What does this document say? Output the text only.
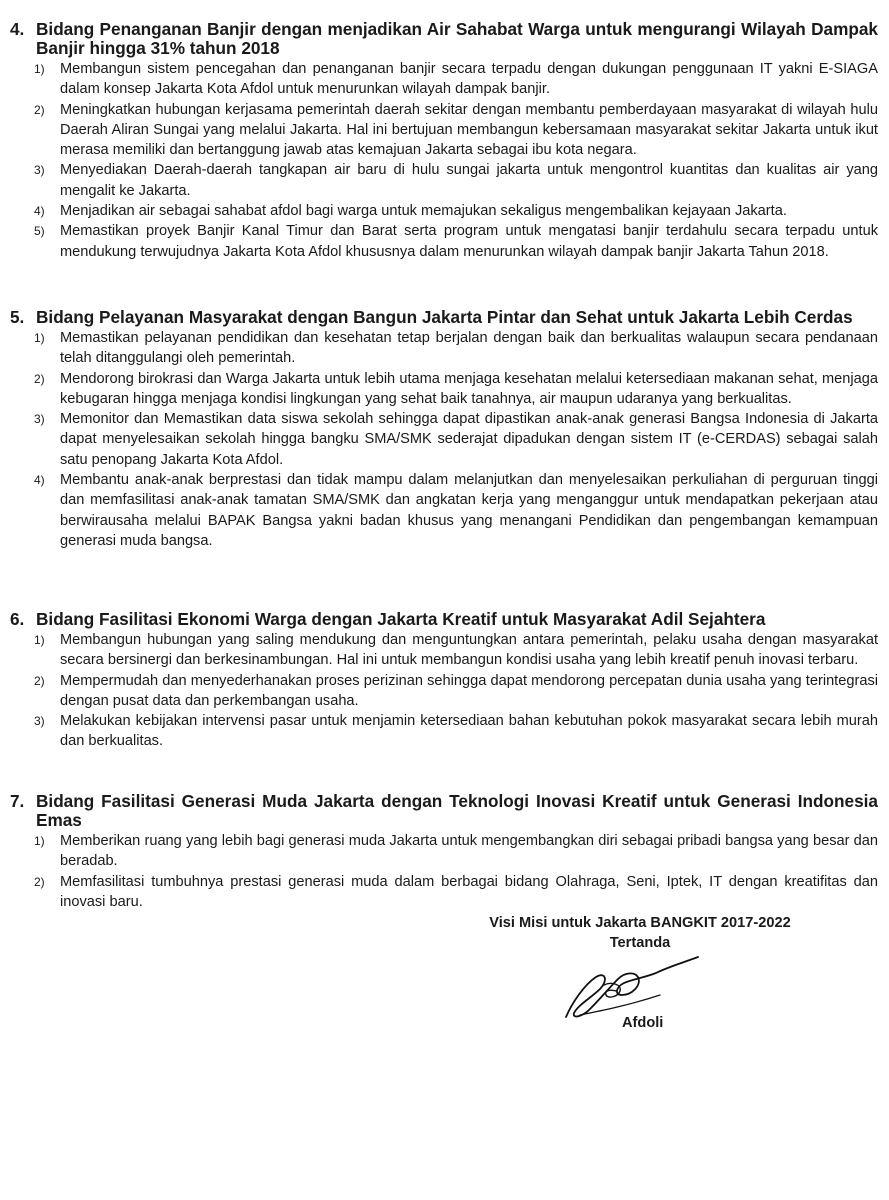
4. Bidang Penanganan Banjir dengan menjadikan Air Sahabat Warga untuk mengurangi Wilayah Dampak Banjir hingga 31% tahun 2018
1)	Membangun sistem pencegahan dan penanganan banjir secara terpadu dengan dukungan penggunaan IT yakni E-SIAGA dalam konsep Jakarta Kota Afdol untuk menurunkan wilayah dampak banjir.
2)	Meningkatkan hubungan kerjasama pemerintah daerah sekitar dengan membantu pemberdayaan masyarakat di wilayah hulu Daerah Aliran Sungai yang melalui Jakarta. Hal ini bertujuan membangun kebersamaan masyarakat sekitar Jakarta untuk ikut merasa memiliki dan bertanggung jawab atas kemajuan Jakarta sebagai ibu kota negara.
3)	Menyediakan Daerah-daerah tangkapan air baru di hulu sungai jakarta untuk mengontrol kuantitas dan kualitas air yang mengalit ke Jakarta.
4)	Menjadikan air sebagai sahabat afdol bagi warga untuk memajukan sekaligus mengembalikan kejayaan Jakarta.
5)	Memastikan proyek Banjir Kanal Timur dan Barat serta program untuk mengatasi banjir terdahulu secara terpadu untuk mendukung terwujudnya Jakarta Kota Afdol khususnya dalam menurunkan wilayah dampak banjir Jakarta Tahun 2018.
5. Bidang Pelayanan Masyarakat dengan Bangun Jakarta Pintar dan Sehat untuk Jakarta Lebih Cerdas
1)	Memastikan pelayanan pendidikan dan kesehatan tetap berjalan dengan baik dan berkualitas walaupun secara pendanaan telah ditanggulangi oleh pemerintah.
2)	Mendorong birokrasi dan Warga Jakarta untuk lebih utama menjaga kesehatan melalui ketersediaan makanan sehat, menjaga kebugaran hingga menjaga kondisi lingkungan yang sehat baik tanahnya, air maupun udaranya yang berkualitas.
3)	Memonitor dan Memastikan data siswa sekolah sehingga dapat dipastikan anak-anak generasi Bangsa Indonesia di Jakarta dapat menyelesaikan sekolah hingga bangku SMA/SMK sederajat dipadukan dengan sistem IT (e-CERDAS) sebagai salah satu penopang Jakarta Kota Afdol.
4)	Membantu anak-anak berprestasi dan tidak mampu dalam melanjutkan dan menyelesaikan perkuliahan di perguruan tinggi dan memfasilitasi anak-anak tamatan SMA/SMK dan angkatan kerja yang menganggur untuk mendapatkan pekerjaan atau berwirausaha melalui BAPAK Bangsa yakni badan khusus yang menangani Pendidikan dan pengembangan kemampuan generasi muda bangsa.
6. Bidang Fasilitasi Ekonomi Warga dengan Jakarta Kreatif untuk Masyarakat Adil Sejahtera
1)	Membangun hubungan yang saling mendukung dan menguntungkan antara pemerintah, pelaku usaha dengan masyarakat secara bersinergi dan berkesinambungan. Hal ini untuk membangun kondisi usaha yang lebih kreatif penuh inovasi terbaru.
2)	Mempermudah dan menyederhanakan proses perizinan sehingga dapat mendorong percepatan dunia usaha yang terintegrasi dengan pusat data dan perkembangan usaha.
3)	Melakukan kebijakan intervensi pasar untuk menjamin ketersediaan bahan kebutuhan pokok masyarakat secara lebih murah dan berkualitas.
7. Bidang Fasilitasi Generasi Muda Jakarta dengan Teknologi Inovasi Kreatif untuk Generasi Indonesia Emas
1)	Memberikan ruang yang lebih bagi generasi muda Jakarta untuk mengembangkan diri sebagai pribadi bangsa yang besar dan beradab.
2)	Memfasilitasi tumbuhnya prestasi generasi muda dalam berbagai bidang Olahraga, Seni, Iptek, IT dengan kreatifitas dan inovasi baru.
Visi Misi untuk Jakarta BANGKIT 2017-2022
Tertanda
Afdoli
